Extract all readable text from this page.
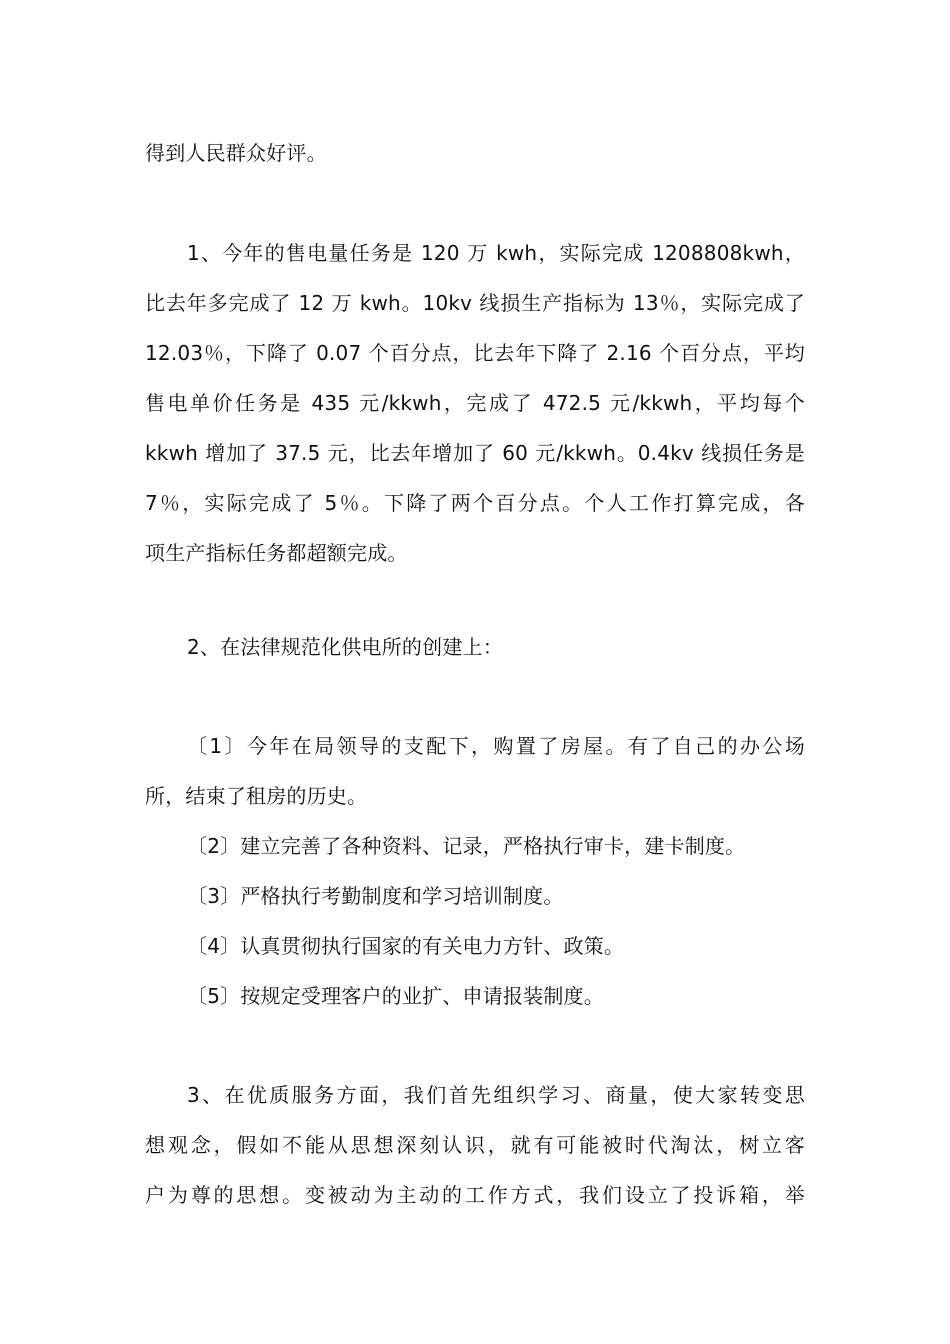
得到人民群众好评。
1、今年的售电量任务是 120 万 kwh，实际完成 1208808kwh，
比去年多完成了 12 万 kwh。10kv 线损生产指标为 13％，实际完成了
12.03％，下降了 0.07 个百分点，比去年下降了 2.16 个百分点，平均
售电单价任务是 435 元/kkwh，完成了 472.5 元/kkwh，平均每个
kkwh 增加了 37.5 元，比去年增加了 60 元/kkwh。0.4kv 线损任务是
7％，实际完成了 5％。下降了两个百分点。个人工作打算完成，各
项生产指标任务都超额完成。
2、在法律规范化供电所的创建上：
〔1〕今年在局领导的支配下，购置了房屋。有了自己的办公场
所，结束了租房的历史。
〔2〕建立完善了各种资料、记录，严格执行审卡，建卡制度。
〔3〕严格执行考勤制度和学习培训制度。
〔4〕认真贯彻执行国家的有关电力方针、政策。
〔5〕按规定受理客户的业扩、申请报装制度。
3、在优质服务方面，我们首先组织学习、商量，使大家转变思
想观念，假如不能从思想深刻认识，就有可能被时代淘汰，树立客
户为尊的思想。变被动为主动的工作方式，我们设立了投诉箱，举
